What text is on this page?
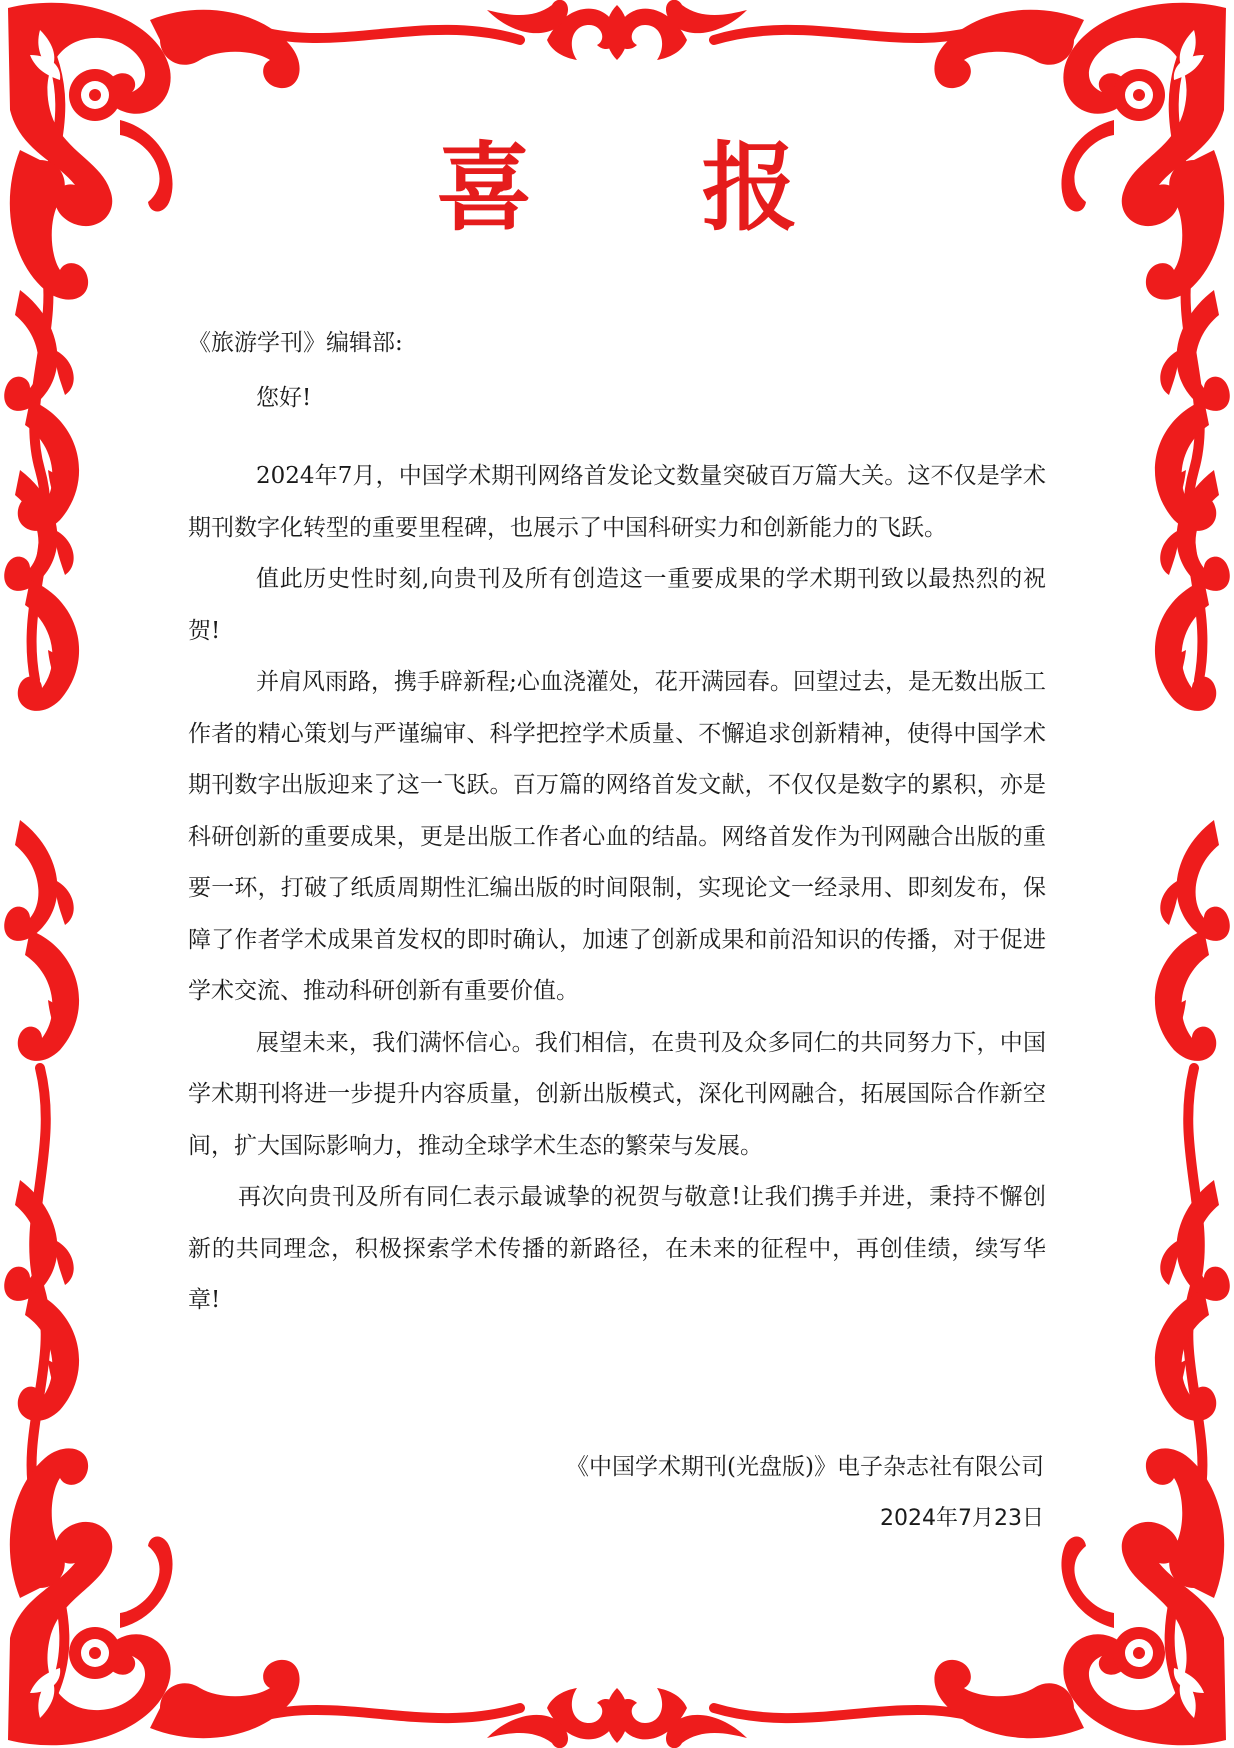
喜 报

《旅游学刊》编辑部:

您好!

2024年7月，中国学术期刊网络首发论文数量突破百万篇大关。这不仅是学术期刊数字化转型的重要里程碑，也展示了中国科研实力和创新能力的飞跃。

值此历史性时刻,向贵刊及所有创造这一重要成果的学术期刊致以最热烈的祝贺!

并肩风雨路，携手辟新程;心血浇灌处，花开满园春。回望过去，是无数出版工作者的精心策划与严谨编审、科学把控学术质量、不懈追求创新精神，使得中国学术期刊数字出版迎来了这一飞跃。百万篇的网络首发文献，不仅仅是数字的累积，亦是科研创新的重要成果，更是出版工作者心血的结晶。网络首发作为刊网融合出版的重要一环，打破了纸质周期性汇编出版的时间限制，实现论文一经录用、即刻发布，保障了作者学术成果首发权的即时确认，加速了创新成果和前沿知识的传播，对于促进学术交流、推动科研创新有重要价值。

展望未来，我们满怀信心。我们相信，在贵刊及众多同仁的共同努力下，中国学术期刊将进一步提升内容质量，创新出版模式，深化刊网融合，拓展国际合作新空间，扩大国际影响力，推动全球学术生态的繁荣与发展。

再次向贵刊及所有同仁表示最诚挚的祝贺与敬意!让我们携手并进，秉持不懈创新的共同理念，积极探索学术传播的新路径，在未来的征程中，再创佳绩，续写华章!

《中国学术期刊(光盘版)》电子杂志社有限公司
2024年7月23日
